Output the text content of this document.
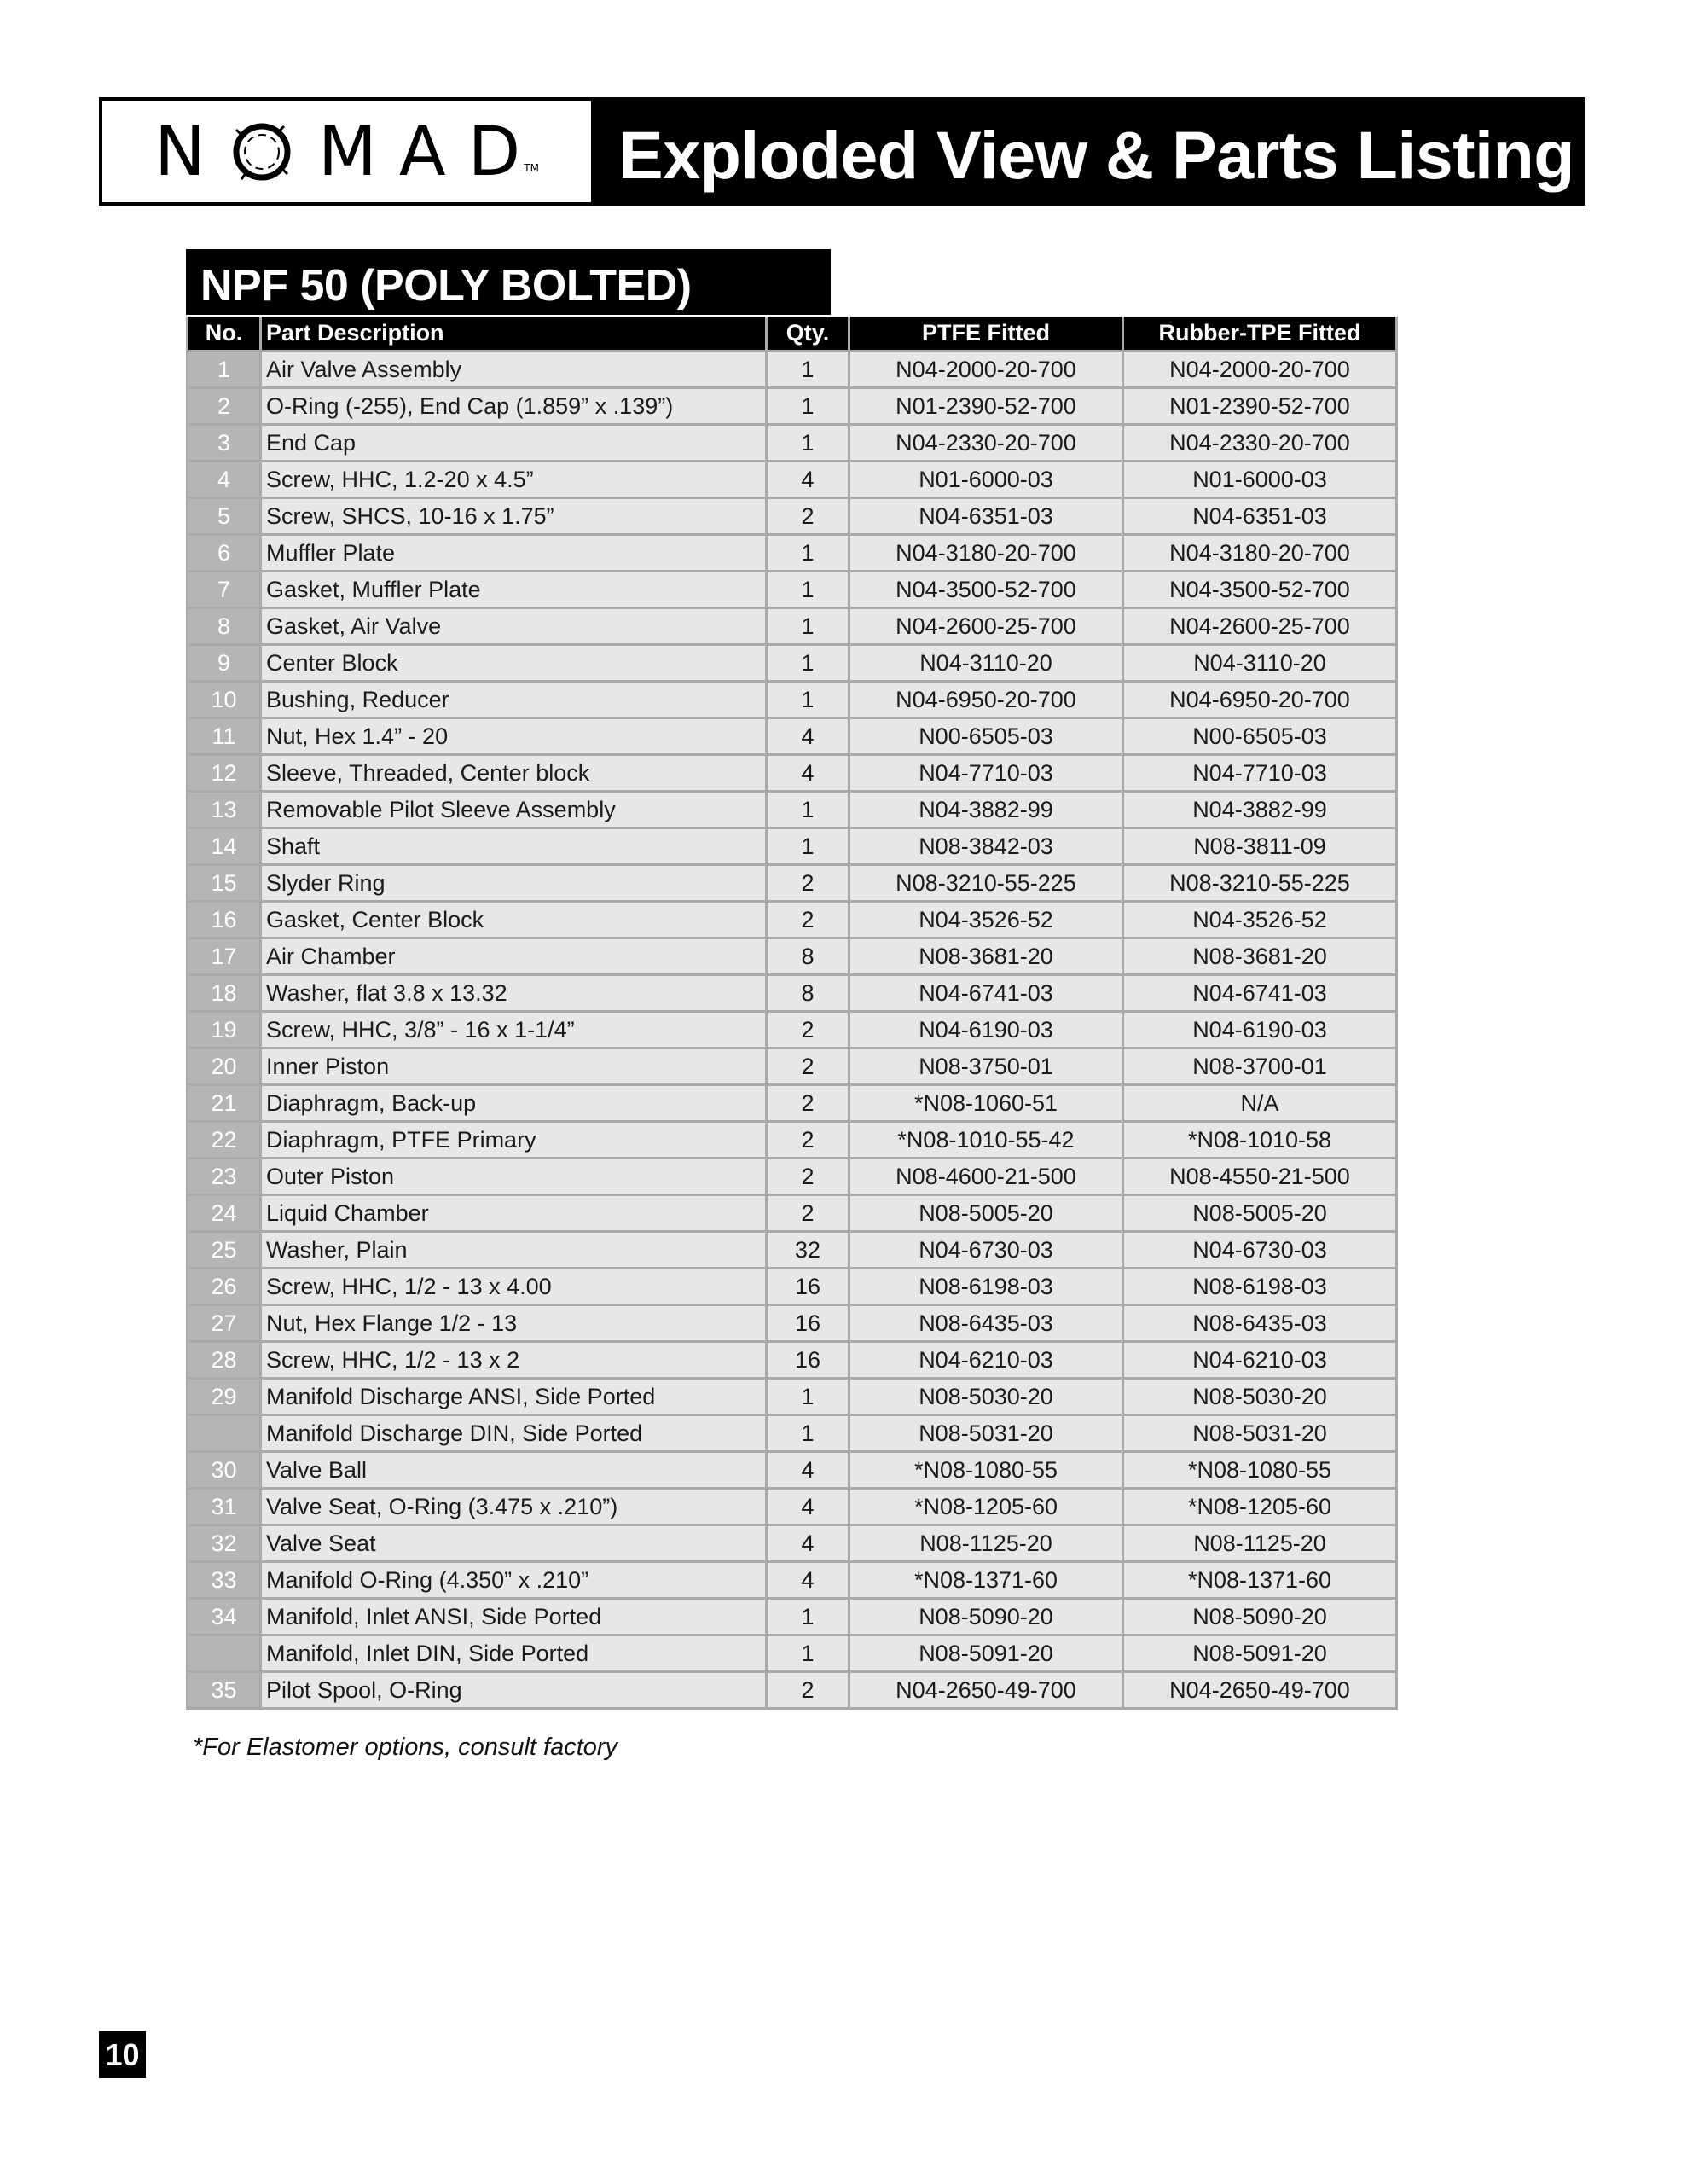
N M A D TM Exploded View & Parts Listing
NPF 50 (POLY BOLTED)
No.	Part Description	Qty.	PTFE Fitted	Rubber-TPE Fitted
1	Air Valve Assembly	1	N04-2000-20-700	N04-2000-20-700
2	O-Ring (-255), End Cap (1.859” x .139”)	1	N01-2390-52-700	N01-2390-52-700
3	End Cap	1	N04-2330-20-700	N04-2330-20-700
4	Screw, HHC, 1.2-20 x 4.5”	4	N01-6000-03	N01-6000-03
5	Screw, SHCS, 10-16 x 1.75”	2	N04-6351-03	N04-6351-03
6	Muffler Plate	1	N04-3180-20-700	N04-3180-20-700
7	Gasket, Muffler Plate	1	N04-3500-52-700	N04-3500-52-700
8	Gasket, Air Valve	1	N04-2600-25-700	N04-2600-25-700
9	Center Block	1	N04-3110-20	N04-3110-20
10	Bushing, Reducer	1	N04-6950-20-700	N04-6950-20-700
11	Nut, Hex 1.4” - 20	4	N00-6505-03	N00-6505-03
12	Sleeve, Threaded, Center block	4	N04-7710-03	N04-7710-03
13	Removable Pilot Sleeve Assembly	1	N04-3882-99	N04-3882-99
14	Shaft	1	N08-3842-03	N08-3811-09
15	Slyder Ring	2	N08-3210-55-225	N08-3210-55-225
16	Gasket, Center Block	2	N04-3526-52	N04-3526-52
17	Air Chamber	8	N08-3681-20	N08-3681-20
18	Washer, flat 3.8 x 13.32	8	N04-6741-03	N04-6741-03
19	Screw, HHC, 3/8” - 16 x 1-1/4”	2	N04-6190-03	N04-6190-03
20	Inner Piston	2	N08-3750-01	N08-3700-01
21	Diaphragm, Back-up	2	*N08-1060-51	N/A
22	Diaphragm, PTFE Primary	2	*N08-1010-55-42	*N08-1010-58
23	Outer Piston	2	N08-4600-21-500	N08-4550-21-500
24	Liquid Chamber	2	N08-5005-20	N08-5005-20
25	Washer, Plain	32	N04-6730-03	N04-6730-03
26	Screw, HHC, 1/2 - 13 x 4.00	16	N08-6198-03	N08-6198-03
27	Nut, Hex Flange 1/2 - 13	16	N08-6435-03	N08-6435-03
28	Screw, HHC, 1/2 - 13 x 2	16	N04-6210-03	N04-6210-03
29	Manifold Discharge ANSI, Side Ported	1	N08-5030-20	N08-5030-20
	Manifold Discharge DIN, Side Ported	1	N08-5031-20	N08-5031-20
30	Valve Ball	4	*N08-1080-55	*N08-1080-55
31	Valve Seat, O-Ring (3.475 x .210”)	4	*N08-1205-60	*N08-1205-60
32	Valve Seat	4	N08-1125-20	N08-1125-20
33	Manifold O-Ring (4.350” x .210”	4	*N08-1371-60	*N08-1371-60
34	Manifold, Inlet ANSI, Side Ported	1	N08-5090-20	N08-5090-20
	Manifold, Inlet DIN, Side Ported	1	N08-5091-20	N08-5091-20
35	Pilot Spool, O-Ring	2	N04-2650-49-700	N04-2650-49-700
*For Elastomer options, consult factory
10
